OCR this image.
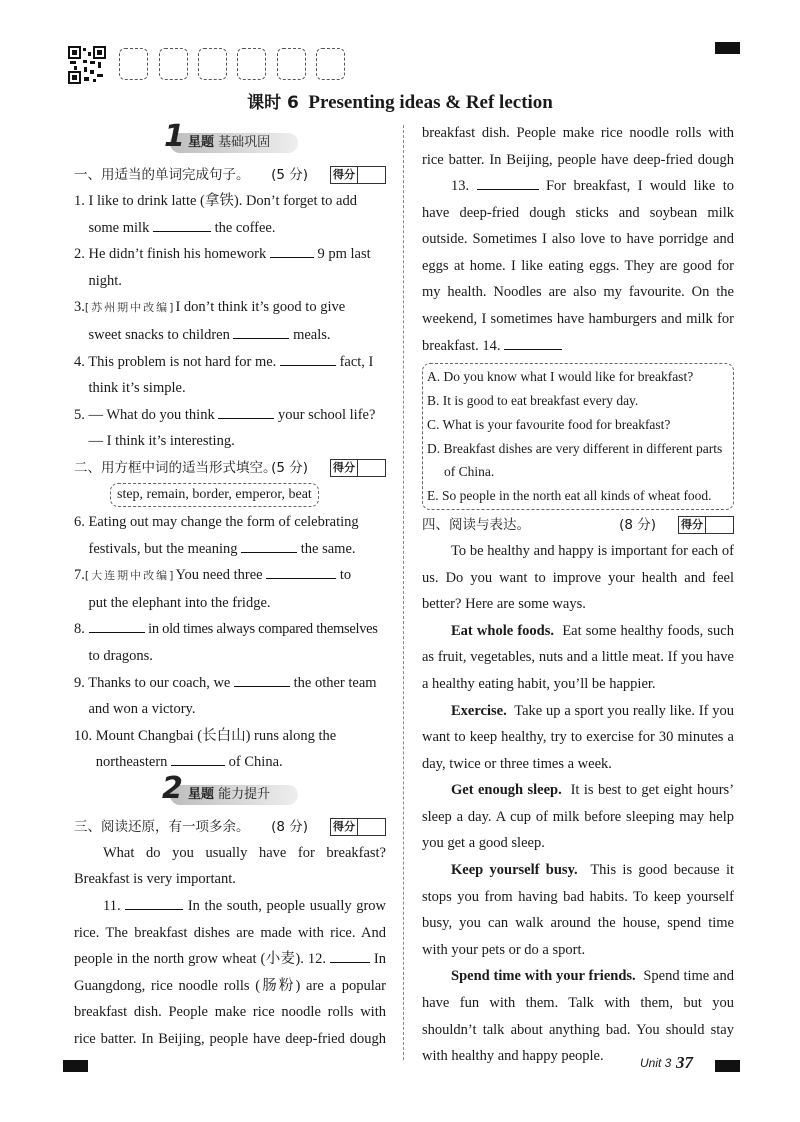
课时 6 Presenting ideas & Ref lection
1 星题 基础巩固

一、用适当的单词完成句子。 (5 分) 得分

1. I like to drink latte (拿铁). Don’t forget to add
some milk	the coffee.

2. He didn’t finish his homework	9 pm last
night.

3.[苏州期中改编]I don’t think it’s good to give
sweet snacks to children	meals.

4. This problem is not hard for me.	fact, I
think it’s simple.

5. — What do you think	your school life?
— I think it’s interesting.

二、用方框中词的适当形式填空。
(5 分) 得分

step, remain, border, emperor, beat

6. Eating out may change the form of celebrating
festivals, but the meaning	the same.

7.[大连期中改编]You need three	to
put the elephant into the fridge.

8.	in old times always compared themselves
to dragons.

9. Thanks to our coach, we	the other team
and won a victory.

10. Mount Changbai (长白山) runs along the
northeastern	of China.

2 星题 能力提升

三、阅读还原，有一项多余。 (8 分) 得分

What do you usually have for breakfast? Breakfast is very important.

11.	In the south, people usually grow rice. The breakfast dishes are made with rice. And people in the north grow wheat (小麦). 12.	In Guangdong, rice noodle rolls (肠粉) are a popular breakfast dish. People make rice noodle rolls with rice batter. In Beijing, people have deep-fried dough

breakfast dish. People make rice noodle rolls with rice batter. In Beijing, people have deep-fried dough

13.	For breakfast, I would like to have deep-fried dough sticks and soybean milk outside. Sometimes I also love to have porridge and eggs at home. I like eating eggs. They are good for my health. Noodles are also my favourite. On the weekend, I sometimes have hamburgers and milk for breakfast. 14.

A. Do you know what I would like for breakfast?
B. It is good to eat breakfast every day.
C. What is your favourite food for breakfast?
D. Breakfast dishes are very different in different parts
of China.
E. So people in the north eat all kinds of wheat food.

四、阅读与表达。	(8 分) 得分

To be healthy and happy is important for each of us. Do you want to improve your health and feel better? Here are some ways.

Eat whole foods. Eat some healthy foods, such as fruit, vegetables, nuts and a little meat. If you have a healthy eating habit, you’ll be happier.

Exercise. Take up a sport you really like. If you want to keep healthy, try to exercise for 30 minutes a day, twice or three times a week.

Get enough sleep. It is best to get eight hours’ sleep a day. A cup of milk before sleeping may help you get a good sleep.

Keep yourself busy. This is good because it stops you from having bad habits. To keep yourself busy, you can walk around the house, spend time with your pets or do a sport.

Spend time with your friends. Spend time and have fun with them. Talk with them, but you shouldn’t talk about anything bad. You should stay with healthy and happy people.	Unit 3 37
